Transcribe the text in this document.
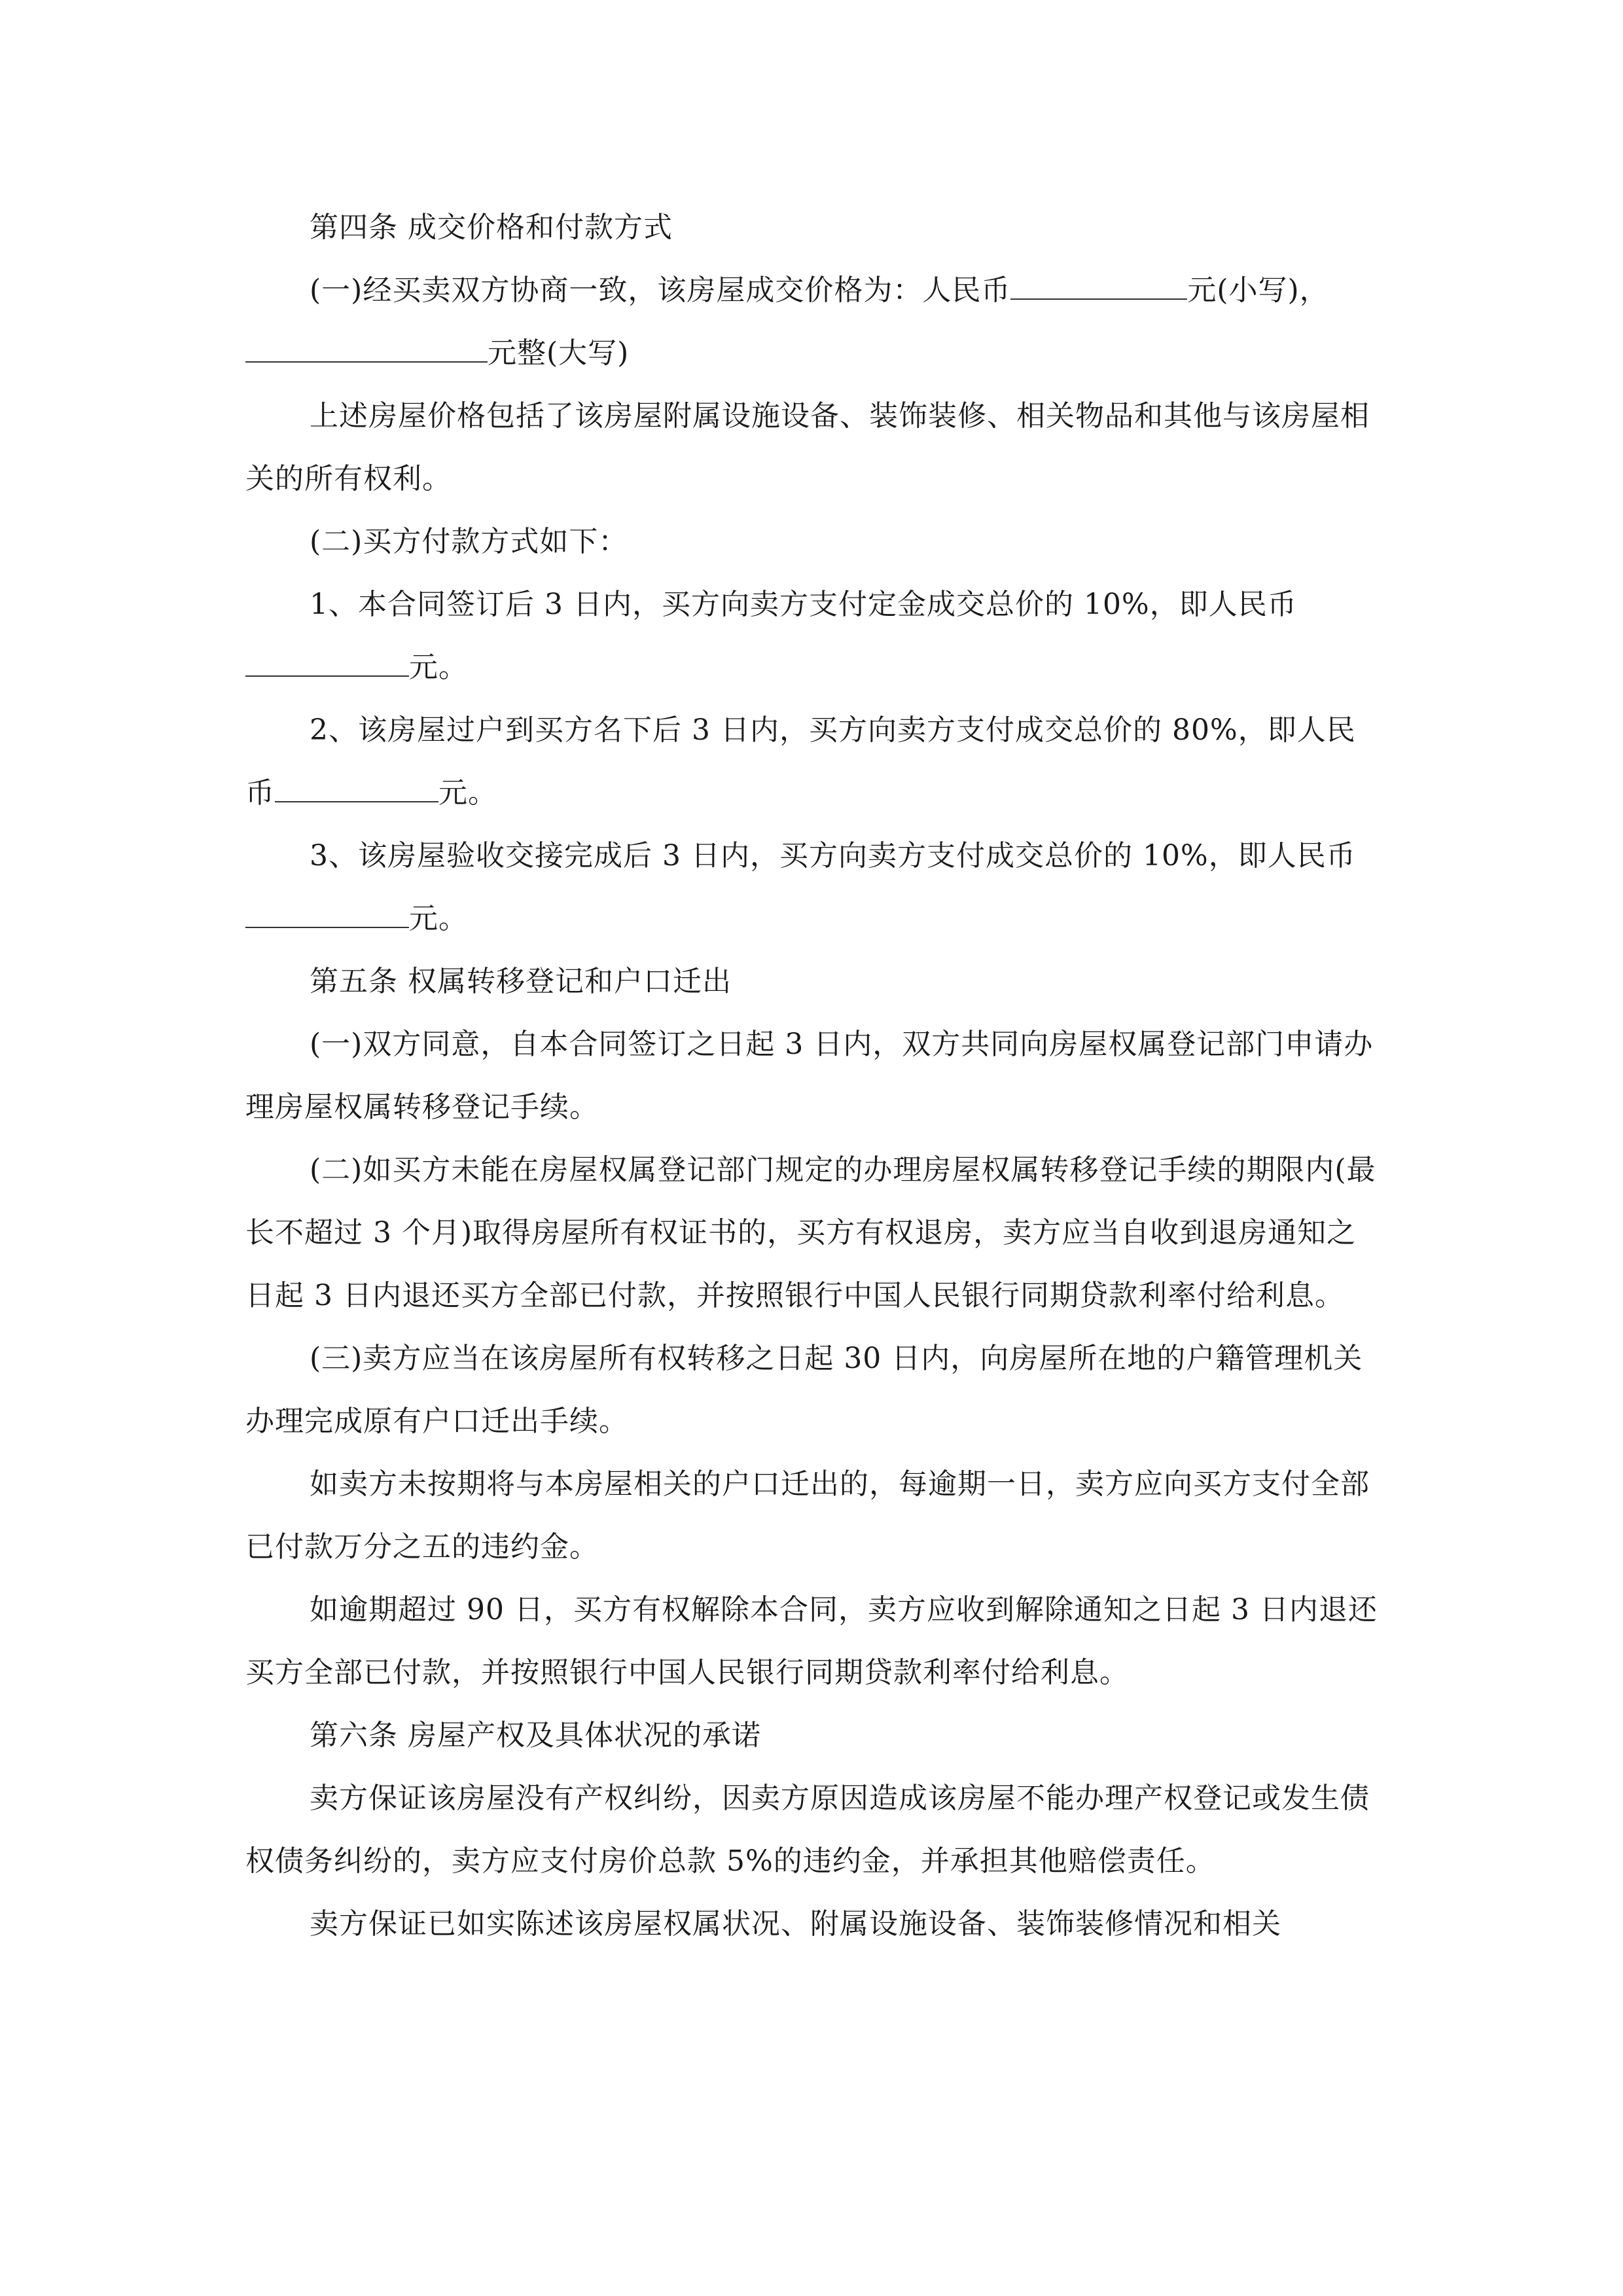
第四条 成交价格和付款方式

(一)经买卖双方协商一致，该房屋成交价格为：人民币	元(小写)，元整(大写)

上述房屋价格包括了该房屋附属设施设备、装饰装修、相关物品和其他与该房屋相关的所有权利。

(二)买方付款方式如下：

1、本合同签订后 3 日内，买方向卖方支付定金成交总价的 10%，即人民币元。

2、该房屋过户到买方名下后 3 日内，买方向卖方支付成交总价的 80%，即人民币	元。

3、该房屋验收交接完成后 3 日内，买方向卖方支付成交总价的 10%，即人民币元。

第五条 权属转移登记和户口迁出

(一)双方同意，自本合同签订之日起 3 日内，双方共同向房屋权属登记部门申请办理房屋权属转移登记手续。

(二)如买方未能在房屋权属登记部门规定的办理房屋权属转移登记手续的期限内(最长不超过 3 个月)取得房屋所有权证书的，买方有权退房，卖方应当自收到退房通知之日起 3 日内退还买方全部已付款，并按照银行中国人民银行同期贷款利率付给利息。

(三)卖方应当在该房屋所有权转移之日起 30 日内，向房屋所在地的户籍管理机关办理完成原有户口迁出手续。

如卖方未按期将与本房屋相关的户口迁出的，每逾期一日，卖方应向买方支付全部已付款万分之五的违约金。

如逾期超过 90 日，买方有权解除本合同，卖方应收到解除通知之日起 3 日内退还买方全部已付款，并按照银行中国人民银行同期贷款利率付给利息。

第六条 房屋产权及具体状况的承诺

卖方保证该房屋没有产权纠纷，因卖方原因造成该房屋不能办理产权登记或发生债权债务纠纷的，卖方应支付房价总款 5%的违约金，并承担其他赔偿责任。

卖方保证已如实陈述该房屋权属状况、附属设施设备、装饰装修情况和相关
